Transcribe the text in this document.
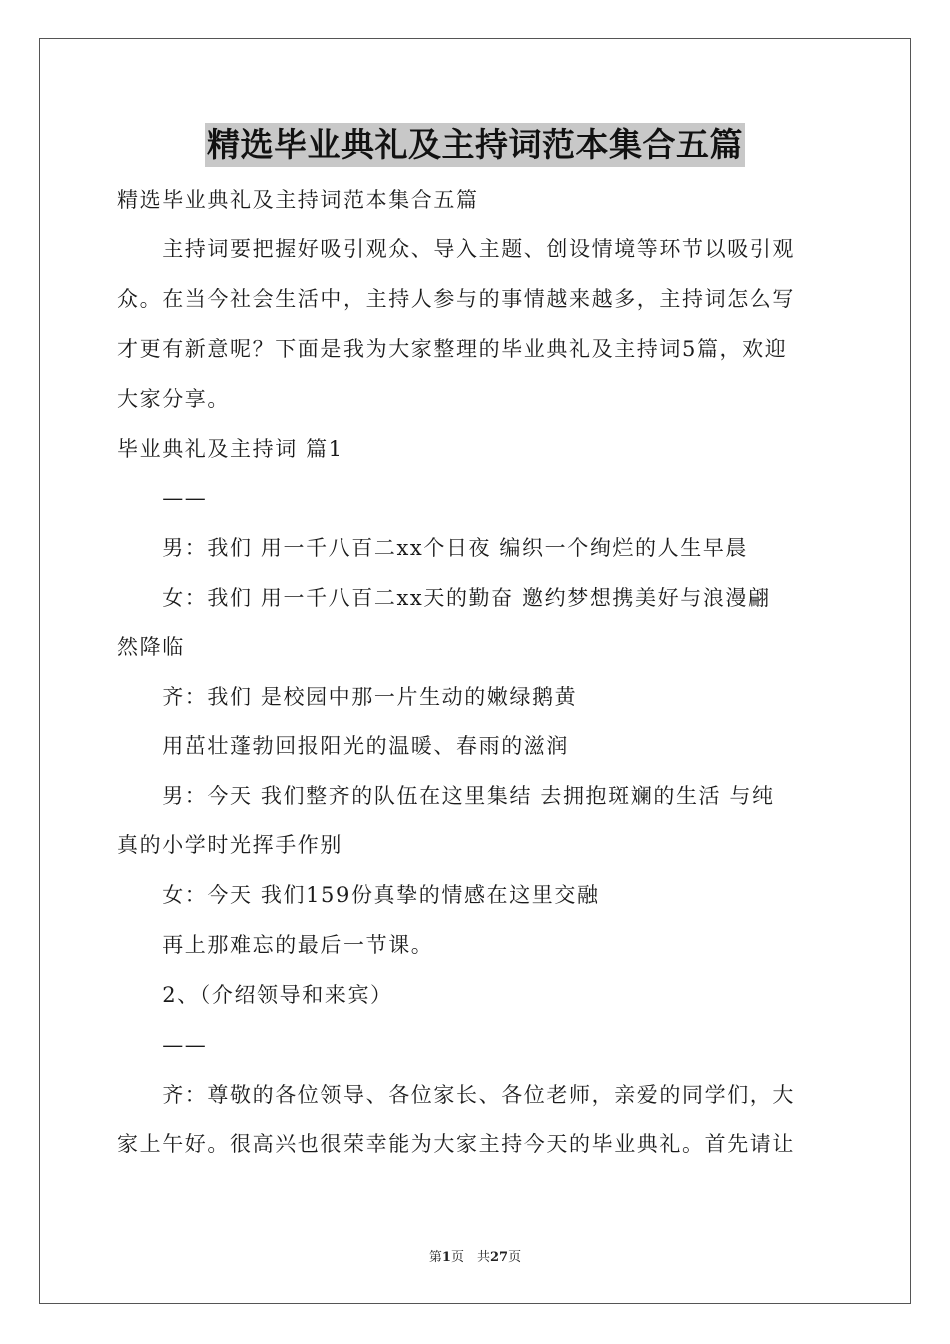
精选毕业典礼及主持词范本集合五篇
精选毕业典礼及主持词范本集合五篇
　　主持词要把握好吸引观众、导入主题、创设情境等环节以吸引观
众。在当今社会生活中，主持人参与的事情越来越多，主持词怎么写
才更有新意呢？下面是我为大家整理的毕业典礼及主持词5篇，欢迎
大家分享。
毕业典礼及主持词 篇1
　　——
　　男：我们 用一千八百二xx个日夜 编织一个绚烂的人生早晨
　　女：我们 用一千八百二xx天的勤奋 邀约梦想携美好与浪漫翩
然降临
　　齐：我们 是校园中那一片生动的嫩绿鹅黄
　　用茁壮蓬勃回报阳光的温暖、春雨的滋润
　　男：今天 我们整齐的队伍在这里集结 去拥抱斑斓的生活 与纯
真的小学时光挥手作别
　　女：今天 我们159份真挚的情感在这里交融
　　再上那难忘的最后一节课。
　　2、（介绍领导和来宾）
　　——
　　齐：尊敬的各位领导、各位家长、各位老师，亲爱的同学们，大
家上午好。很高兴也很荣幸能为大家主持今天的毕业典礼。首先请让
第1页　共27页
